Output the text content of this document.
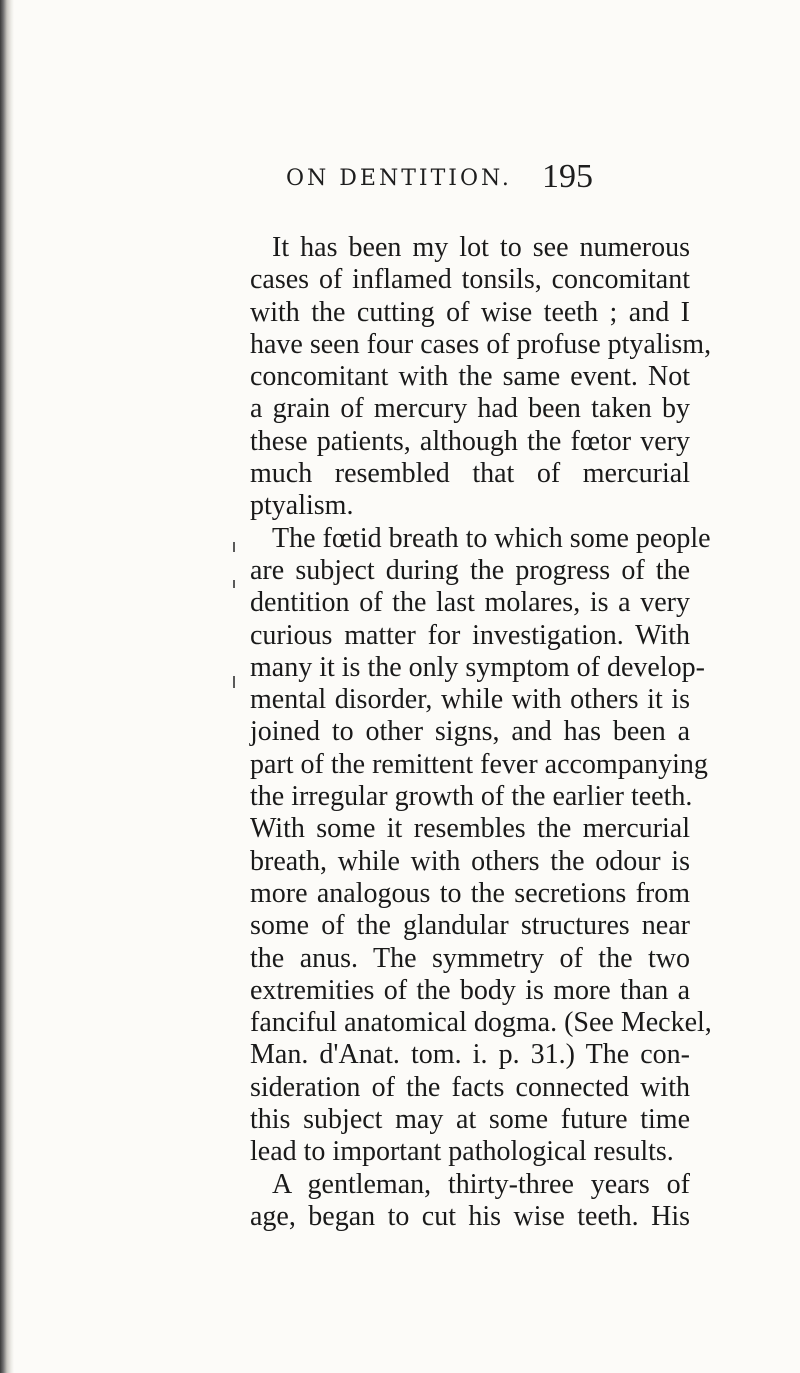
ON DENTITION. 195
It has been my lot to see numerous
cases of inflamed tonsils, concomitant
with the cutting of wise teeth ; and I
have seen four cases of profuse ptyalism,
concomitant with the same event. Not
a grain of mercury had been taken by
these patients, although the fœtor very
much resembled that of mercurial
ptyalism.
The fœtid breath to which some people
are subject during the progress of the
dentition of the last molares, is a very
curious matter for investigation. With
many it is the only symptom of develop-
mental disorder, while with others it is
joined to other signs, and has been a
part of the remittent fever accompanying
the irregular growth of the earlier teeth.
With some it resembles the mercurial
breath, while with others the odour is
more analogous to the secretions from
some of the glandular structures near
the anus. The symmetry of the two
extremities of the body is more than a
fanciful anatomical dogma. (See Meckel,
Man. d'Anat. tom. i. p. 31.) The con-
sideration of the facts connected with
this subject may at some future time
lead to important pathological results.
A gentleman, thirty-three years of
age, began to cut his wise teeth. His
